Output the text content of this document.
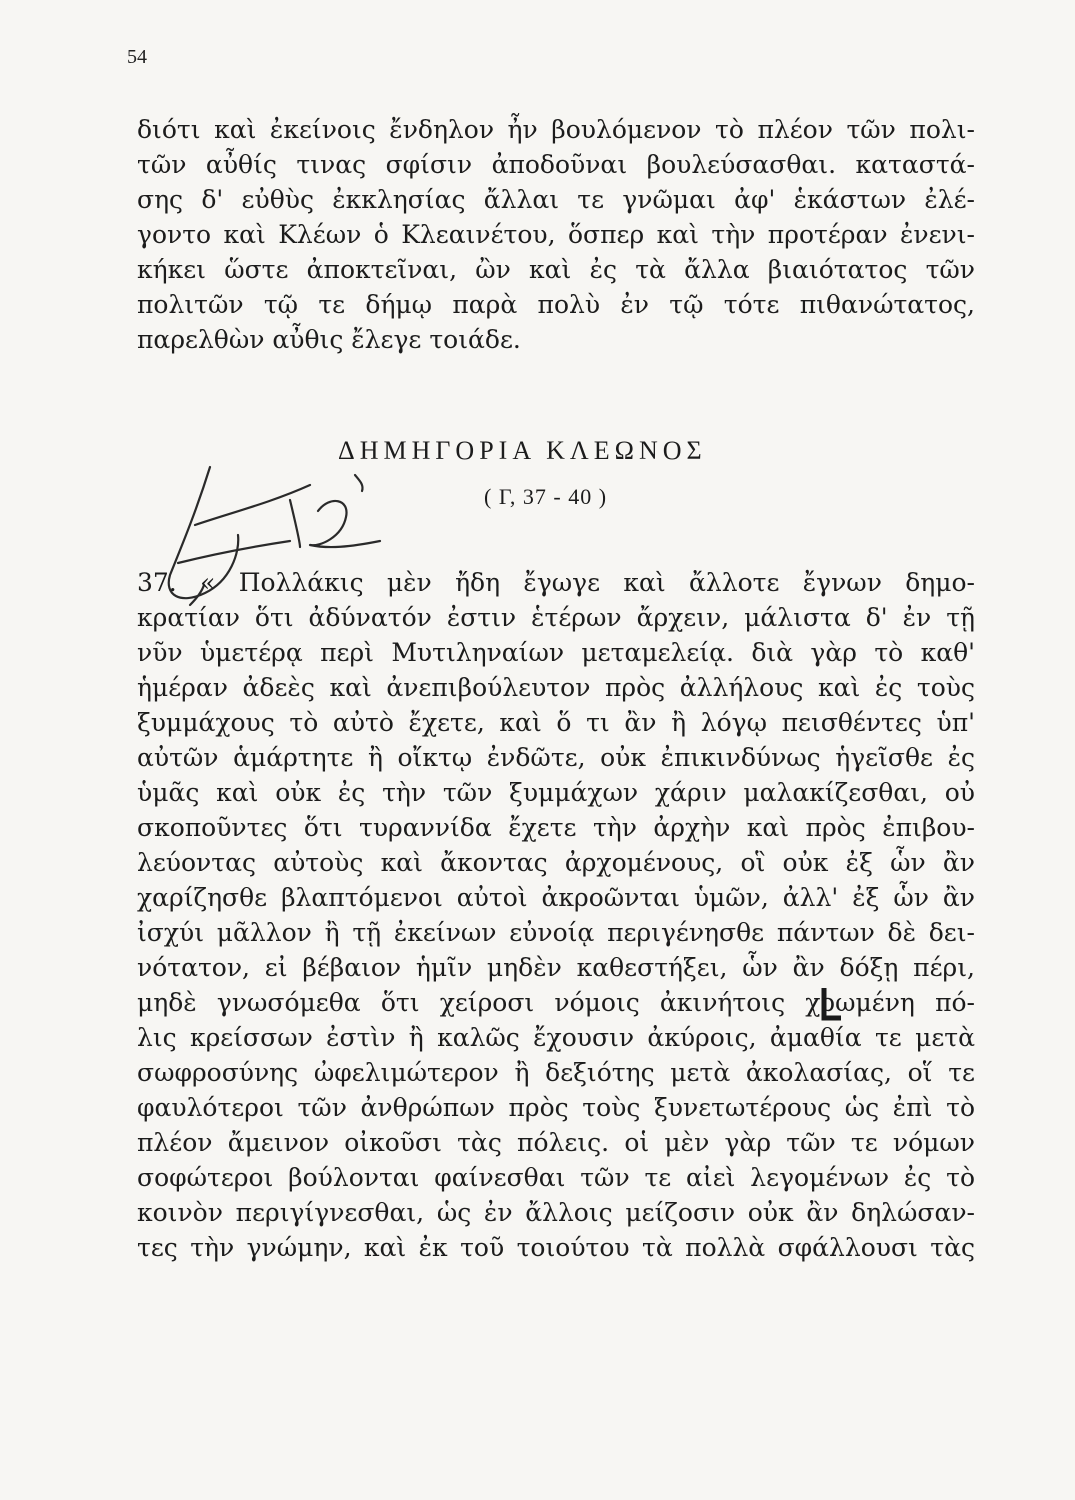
54
διότι καὶ ἐκείνοις ἔνδηλον ἦν βουλόμενον τὸ πλέον τῶν πολι-
τῶν αὖθίς τινας σφίσιν ἀποδοῦναι βουλεύσασθαι. καταστά-
σης δ' εὐθὺς ἐκκλησίας ἄλλαι τε γνῶμαι ἀφ' ἑκάστων ἐλέ-
γοντο καὶ Κλέων ὁ Κλεαινέτου, ὅσπερ καὶ τὴν προτέραν ἐνενι-
κήκει ὥστε ἀποκτεῖναι, ὢν καὶ ἐς τὰ ἄλλα βιαιότατος τῶν
πολιτῶν τῷ τε δήμῳ παρὰ πολὺ ἐν τῷ τότε πιθανώτατος,
παρελθὼν αὖθις ἔλεγε τοιάδε.
ΔΗΜΗΓΟΡΙΑ ΚΛΕΩΝΟΣ
( Γ, 37 - 40 )
37. « Πολλάκις μὲν ἤδη ἔγωγε καὶ ἄλλοτε ἔγνων δημο-
κρατίαν ὅτι ἀδύνατόν ἐστιν ἑτέρων ἄρχειν, μάλιστα δ' ἐν τῇ
νῦν ὑμετέρᾳ περὶ Μυτιληναίων μεταμελείᾳ. διὰ γὰρ τὸ καθ'
ἡμέραν ἀδεὲς καὶ ἀνεπιβούλευτον πρὸς ἀλλήλους καὶ ἐς τοὺς
ξυμμάχους τὸ αὐτὸ ἔχετε, καὶ ὅ τι ἂν ἢ λόγῳ πεισθέντες ὑπ'
αὐτῶν ἁμάρτητε ἢ οἴκτῳ ἐνδῶτε, οὐκ ἐπικινδύνως ἡγεῖσθε ἐς
ὑμᾶς καὶ οὐκ ἐς τὴν τῶν ξυμμάχων χάριν μαλακίζεσθαι, οὐ
σκοποῦντες ὅτι τυραννίδα ἔχετε τὴν ἀρχὴν καὶ πρὸς ἐπιβου-
λεύοντας αὐτοὺς καὶ ἄκοντας ἀρχομένους, οἳ οὐκ ἐξ ὧν ἂν
χαρίζησθε βλαπτόμενοι αὐτοὶ ἀκροῶνται ὑμῶν, ἀλλ' ἐξ ὧν ἂν
ἰσχύι μᾶλλον ἢ τῇ ἐκείνων εὐνοίᾳ περιγένησθε πάντων δὲ δει-
νότατον, εἰ βέβαιον ἡμῖν μηδὲν καθεστήξει, ὧν ἂν δόξῃ πέρι,
μηδὲ γνωσόμεθα ὅτι χείροσι νόμοις ἀκινήτοις χρωμένη πό-
λις κρείσσων ἐστὶν ἢ καλῶς ἔχουσιν ἀκύροις, ἀμαθία τε μετὰ
σωφροσύνης ὠφελιμώτερον ἢ δεξιότης μετὰ ἀκολασίας, οἵ τε
φαυλότεροι τῶν ἀνθρώπων πρὸς τοὺς ξυνετωτέρους ὡς ἐπὶ τὸ
πλέον ἄμεινον οἰκοῦσι τὰς πόλεις. οἱ μὲν γὰρ τῶν τε νόμων
σοφώτεροι βούλονται φαίνεσθαι τῶν τε αἰεὶ λεγομένων ἐς τὸ
κοινὸν περιγίγνεσθαι, ὡς ἐν ἄλλοις μείζοσιν οὐκ ἂν δηλώσαν-
τες τὴν γνώμην, καὶ ἐκ τοῦ τοιούτου τὰ πολλὰ σφάλλουσι τὰς
